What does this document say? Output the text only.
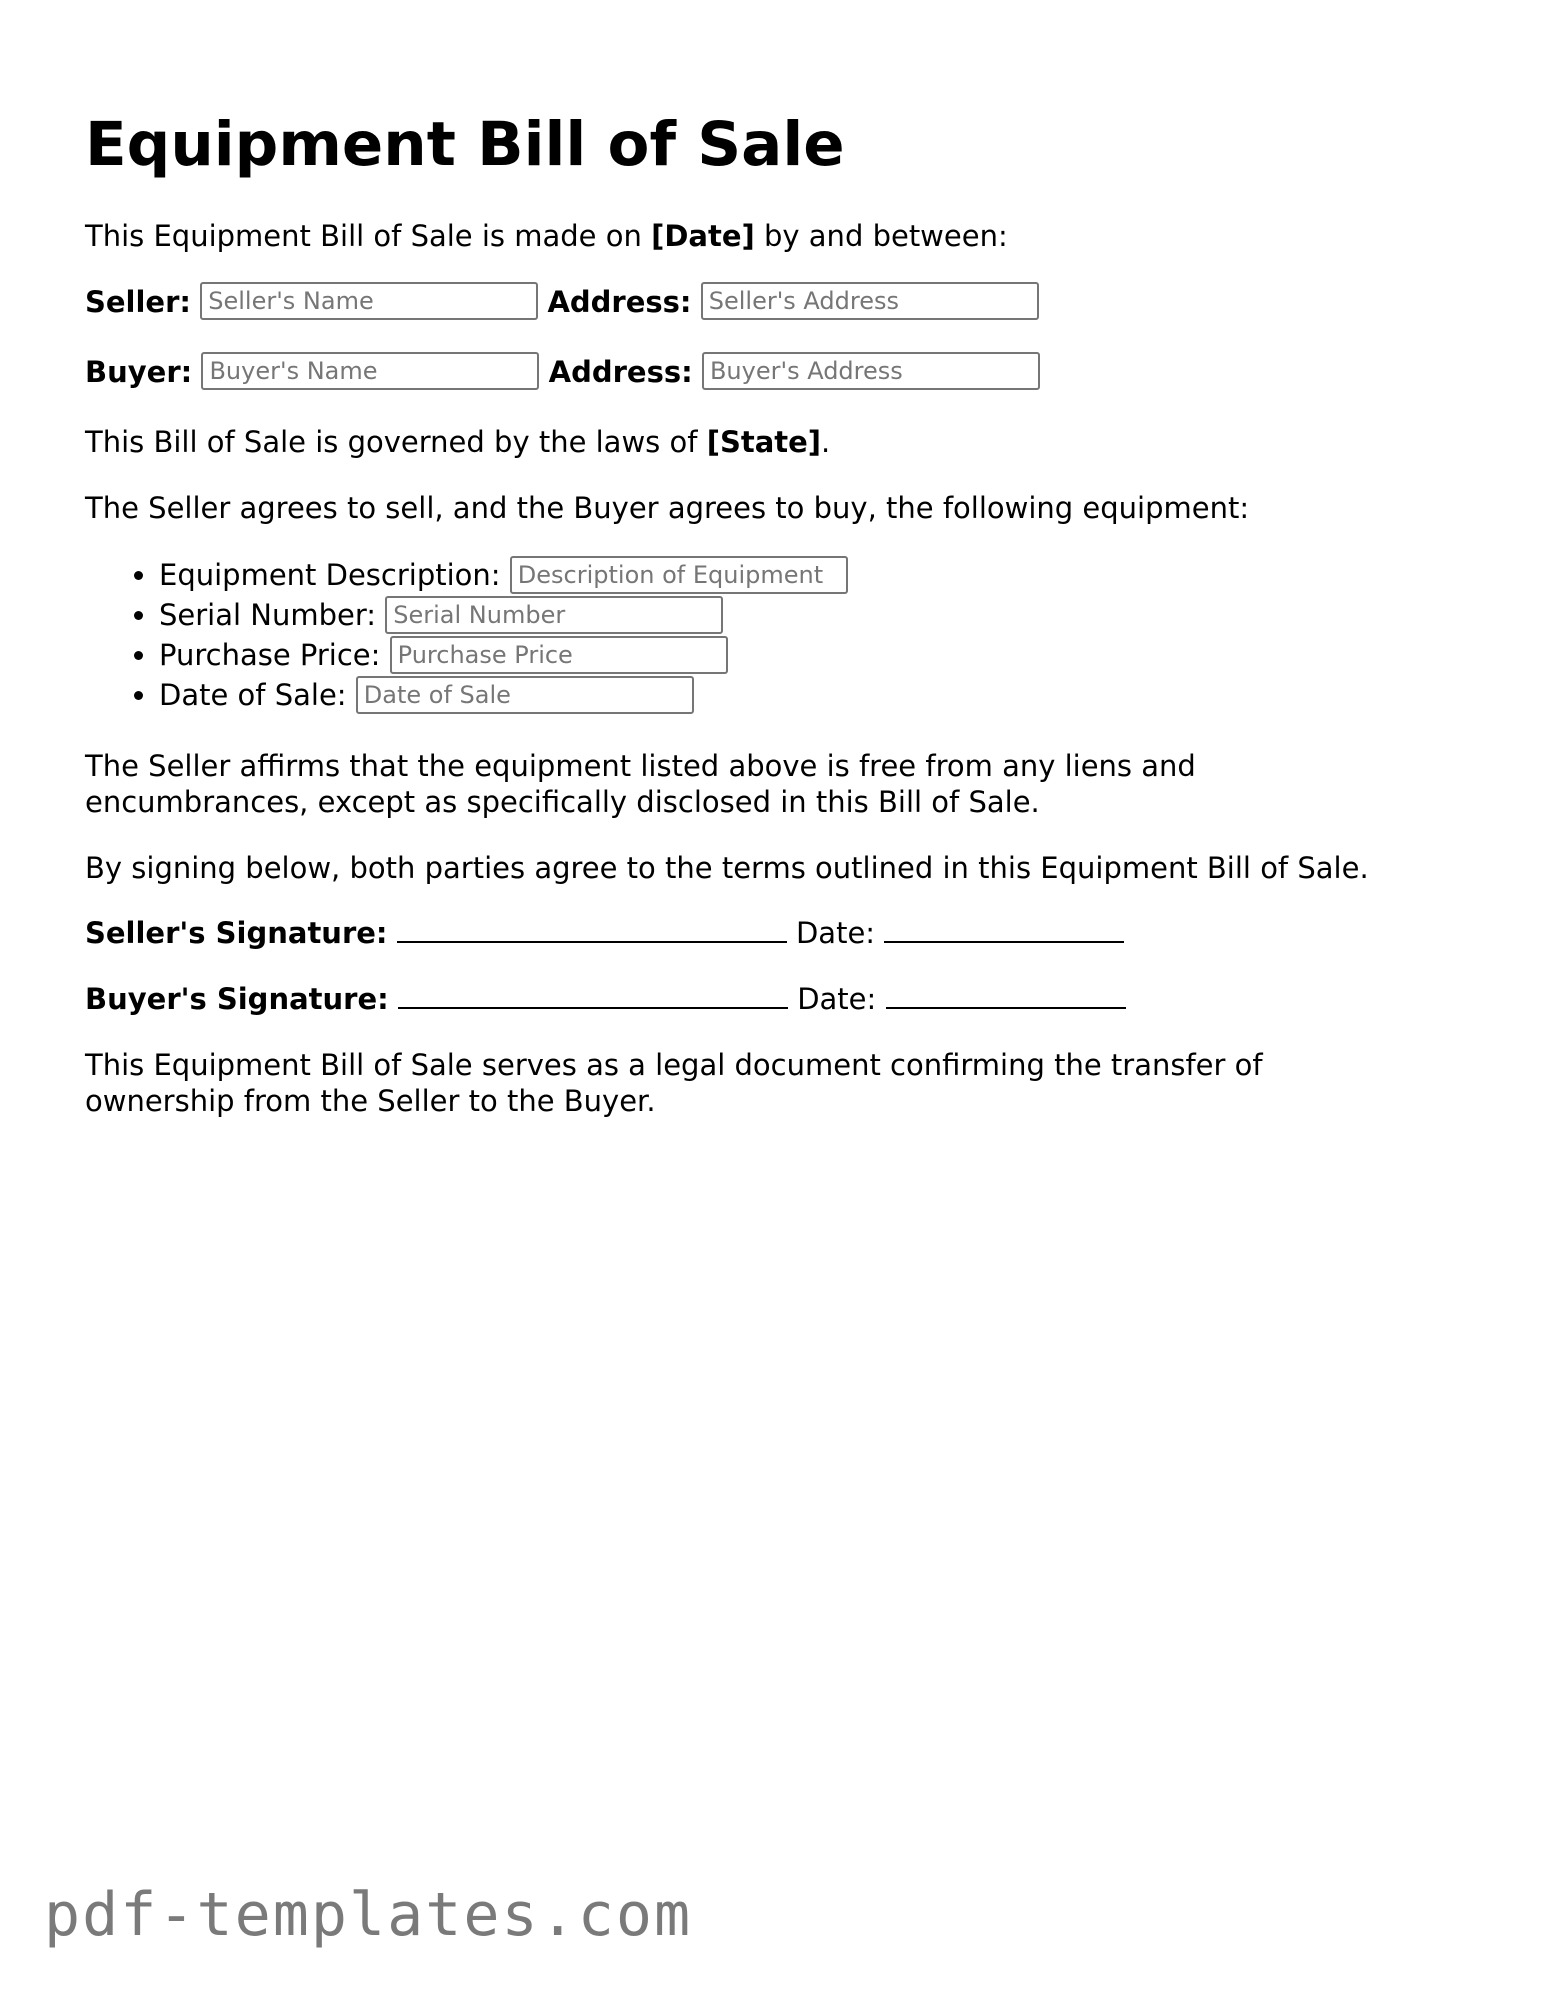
Equipment Bill of Sale
This Equipment Bill of Sale is made on [Date] by and between:
Seller: Seller's Name	Address: Seller's Address
Buyer: Buyer's Name	Address: Buyer's Address
This Bill of Sale is governed by the laws of [State].
The Seller agrees to sell, and the Buyer agrees to buy, the following equipment:
• Equipment Description: Description of Equipment
• Serial Number: Serial Number
• Purchase Price: Purchase Price
• Date of Sale: Date of Sale
The Seller affirms that the equipment listed above is free from any liens and encumbrances, except as specifically disclosed in this Bill of Sale.
By signing below, both parties agree to the terms outlined in this Equipment Bill of Sale.
Seller's Signature:	Date:
Buyer's Signature:	Date:
This Equipment Bill of Sale serves as a legal document confirming the transfer of ownership from the Seller to the Buyer.
pdf-templates.com
